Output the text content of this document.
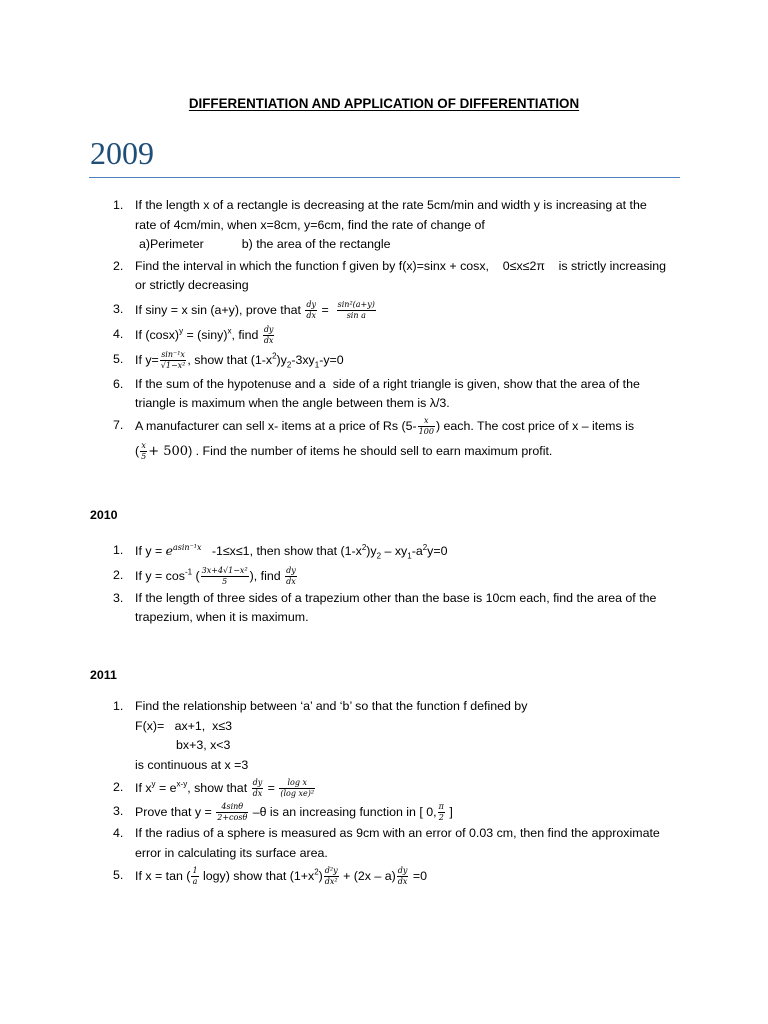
DIFFERENTIATION AND APPLICATION OF DIFFERENTIATION
2009
1. If the length x of a rectangle is decreasing at the rate 5cm/min and width y is increasing at the
rate of 4cm/min, when x=8cm, y=6cm, find the rate of change of
a)Perimeter	b) the area of the rectangle
2. Find the interval in which the function f given by f(x)=sinx + cosx,    0≤x≤2π    is strictly increasing
or strictly decreasing
3. If siny = x sin (a+y), prove that $\frac{dy}{dx} = \frac{\text{sin²(a+y)}}{\text{sin a}}$
4. If $(\cos x)^y = (\sin y)^x$, find $\frac{dy}{dx}$
5. If $y= \frac{\text{sin⁻¹x}}{\text{√1−x²}}$ , show that $(1-x^2)y_2-3xy_1-y=0$
6. If the sum of the hypotenuse and a  side of a right triangle is given, show that the area of the
triangle is maximum when the angle between them is λ/3.
7. A manufacturer can sell x- items at a price of Rs ($5- \frac{x}{100}$ ) each. The cost price of x – items is
( $\frac{x}{5} + 500$) . Find the number of items he should sell to earn maximum profit.
2010
1. If $y = e^{asin^{-1}x}$   -1≤x≤1, then show that $(1-x^2)y_2 - xy_1-a^2y=0$
2. If $y = \cos^{-1}$ ( $\frac{\text{3x+4√1−x²}}{5}$ ), find $\frac{dy}{dx}$
3. If the length of three sides of a trapezium other than the base is 10cm each, find the area of the
trapezium, when it is maximum.
2011
1. Find the relationship between ‘a’ and ‘b’ so that the function f defined by
F(x)=   ax+1,  x≤3
bx+3, x<3
is continuous at x =3
2. If $x^y = e^{x-y}$, show that $\frac{dy}{dx} = \frac{\text{log x}}{\text{(log xe)²}}$
3. Prove that $y = \frac{4\sin\theta}{2+\cos\theta} -\theta$ is an increasing function in [ 0, $\frac{\pi}{2}$ ]
4. If the radius of a sphere is measured as 9cm with an error of 0.03 cm, then find the approximate
error in calculating its surface area.
5. If x = tan ( $\frac{1}{a} \log y$) show that $(1+x^2) \frac{\text{d²y}}{\text{dx²}} + (2x - a) \frac{dy}{dx} =0$
